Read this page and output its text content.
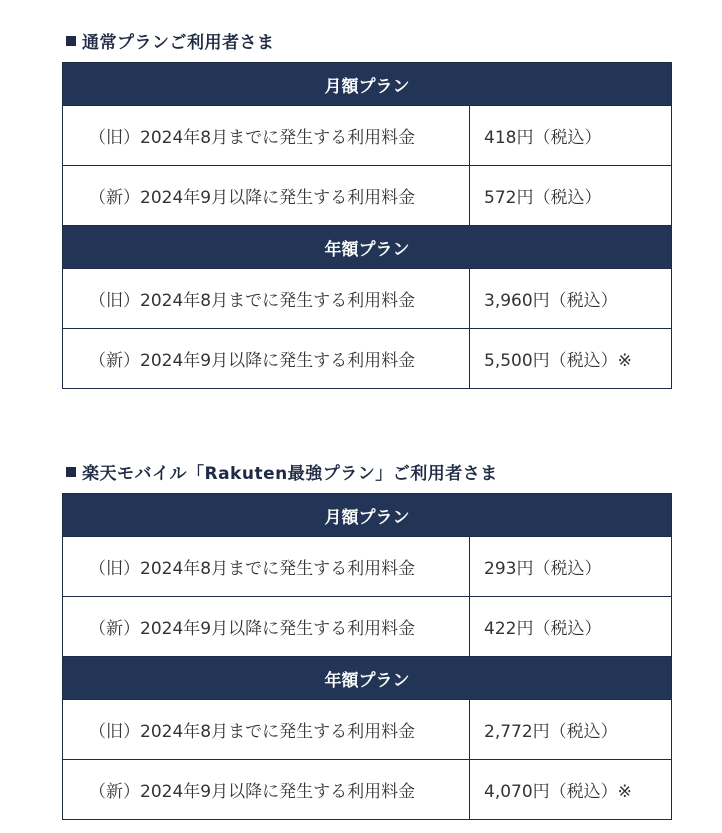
通常プランご利用者さま
月額プラン	
（旧）2024年8月までに発生する利用料金	418円（税込）
（新）2024年9月以降に発生する利用料金	572円（税込）
年額プラン	
（旧）2024年8月までに発生する利用料金	3,960円（税込）
（新）2024年9月以降に発生する利用料金	5,500円（税込）※
楽天モバイル「Rakuten最強プラン」ご利用者さま
月額プラン	
（旧）2024年8月までに発生する利用料金	293円（税込）
（新）2024年9月以降に発生する利用料金	422円（税込）
年額プラン	
（旧）2024年8月までに発生する利用料金	2,772円（税込）
（新）2024年9月以降に発生する利用料金	4,070円（税込）※
